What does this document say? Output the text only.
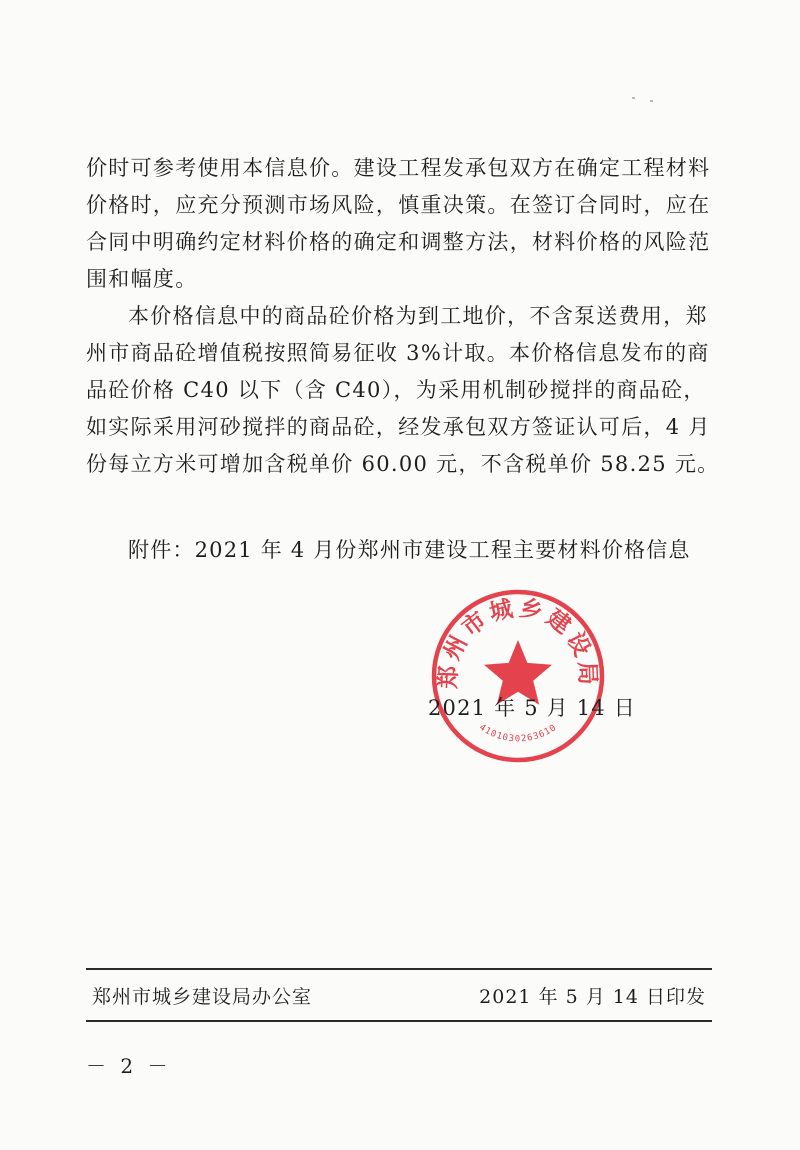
价时可参考使用本信息价。建设工程发承包双方在确定工程材料价格时，应充分预测市场风险，慎重决策。在签订合同时，应在合同中明确约定材料价格的确定和调整方法，材料价格的风险范围和幅度。

本价格信息中的商品砼价格为到工地价，不含泵送费用，郑州市商品砼增值税按照简易征收 3%计取。本价格信息发布的商品砼价格 C40 以下（含 C40），为采用机制砂搅拌的商品砼，如实际采用河砂搅拌的商品砼，经发承包双方签证认可后，4 月份每立方米可增加含税单价 60.00 元，不含税单价 58.25 元。

附件：2021 年 4 月份郑州市建设工程主要材料价格信息
郑州市城乡建设局
4101030263610
2021 年 5 月 14 日
郑州市城乡建设局办公室	2021 年 5 月 14 日印发
－ 2 －
